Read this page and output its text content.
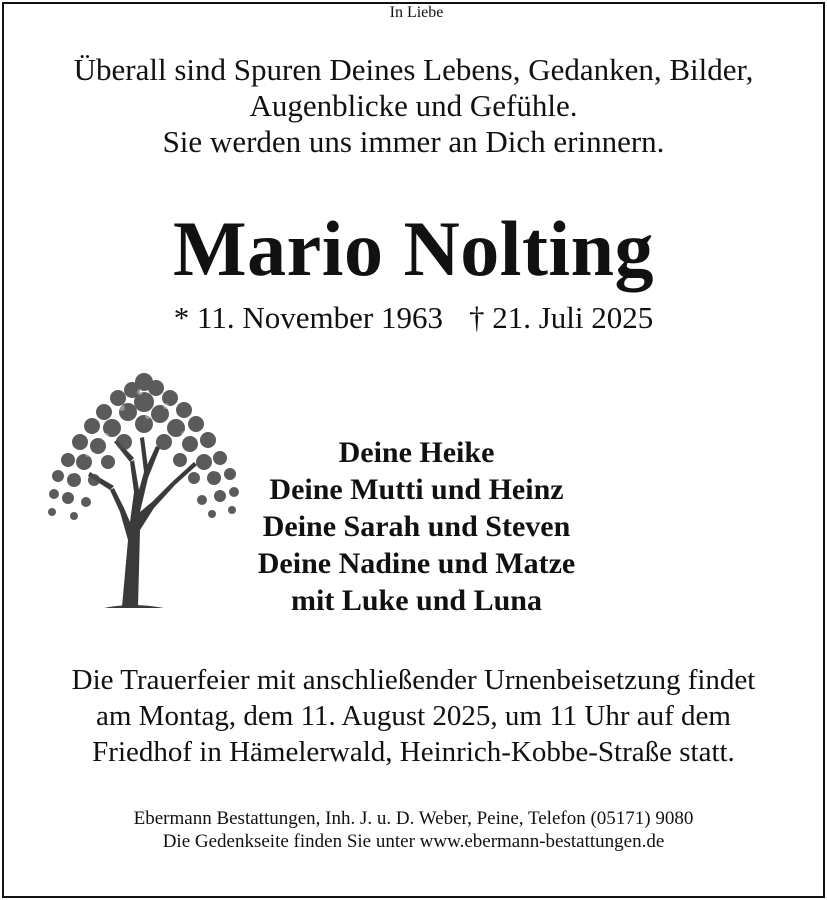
Überall sind Spuren Deines Lebens, Gedanken, Bilder,
Augenblicke und Gefühle.
Sie werden uns immer an Dich erinnern.
Mario Nolting
* 11. November 1963 † 21. Juli 2025
In Liebe
Deine Heike
Deine Mutti und Heinz
Deine Sarah und Steven
Deine Nadine und Matze
mit Luke und Luna
Die Trauerfeier mit anschließender Urnenbeisetzung findet
am Montag, dem 11. August 2025, um 11 Uhr auf dem
Friedhof in Hämelerwald, Heinrich-Kobbe-Straße statt.
Ebermann Bestattungen, Inh. J. u. D. Weber, Peine, Telefon (05171) 9080
Die Gedenkseite finden Sie unter www.ebermann-bestattungen.de
